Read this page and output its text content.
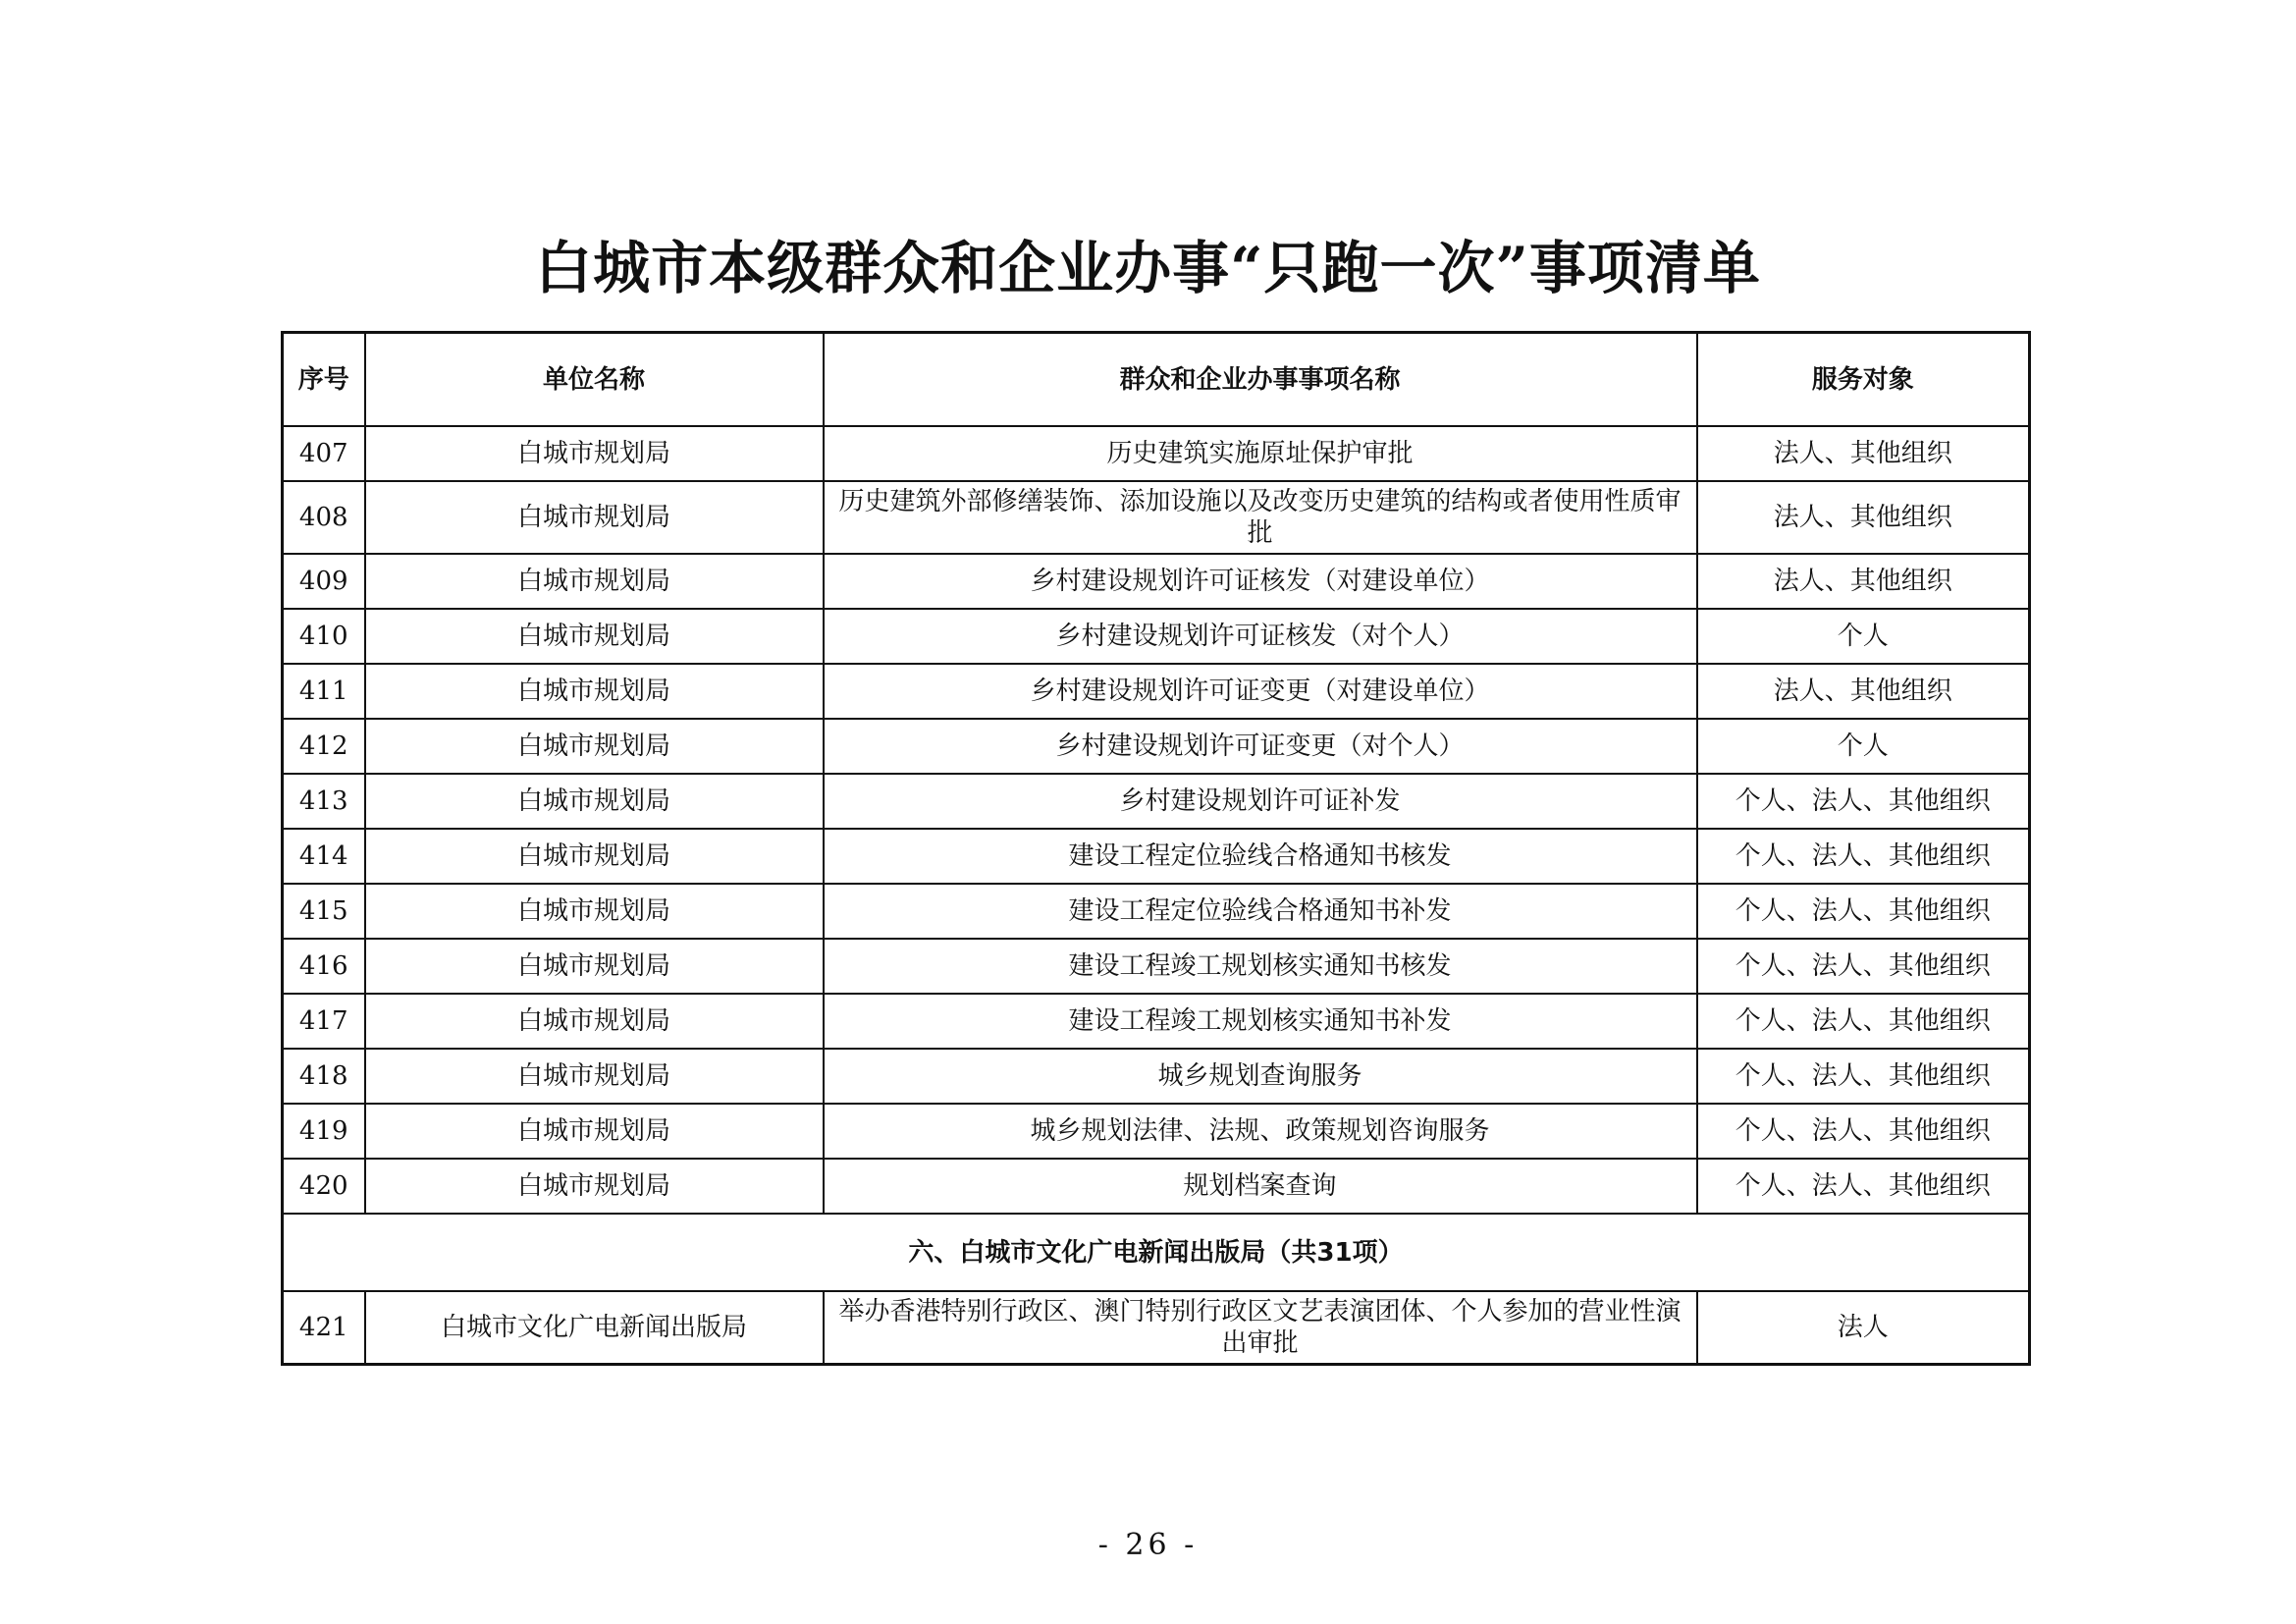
白城市本级群众和企业办事“只跑一次”事项清单
序号	单位名称	群众和企业办事事项名称	服务对象
407	白城市规划局	历史建筑实施原址保护审批	法人、其他组织
408	白城市规划局	历史建筑外部修缮装饰、添加设施以及改变历史建筑的结构或者使用性质审批	法人、其他组织
409	白城市规划局	乡村建设规划许可证核发（对建设单位）	法人、其他组织
410	白城市规划局	乡村建设规划许可证核发（对个人）	个人
411	白城市规划局	乡村建设规划许可证变更（对建设单位）	法人、其他组织
412	白城市规划局	乡村建设规划许可证变更（对个人）	个人
413	白城市规划局	乡村建设规划许可证补发	个人、法人、其他组织
414	白城市规划局	建设工程定位验线合格通知书核发	个人、法人、其他组织
415	白城市规划局	建设工程定位验线合格通知书补发	个人、法人、其他组织
416	白城市规划局	建设工程竣工规划核实通知书核发	个人、法人、其他组织
417	白城市规划局	建设工程竣工规划核实通知书补发	个人、法人、其他组织
418	白城市规划局	城乡规划查询服务	个人、法人、其他组织
419	白城市规划局	城乡规划法律、法规、政策规划咨询服务	个人、法人、其他组织
420	白城市规划局	规划档案查询	个人、法人、其他组织
六、白城市文化广电新闻出版局（共31项）			
421	白城市文化广电新闻出版局	举办香港特别行政区、澳门特别行政区文艺表演团体、个人参加的营业性演出审批	法人
- 26 -
